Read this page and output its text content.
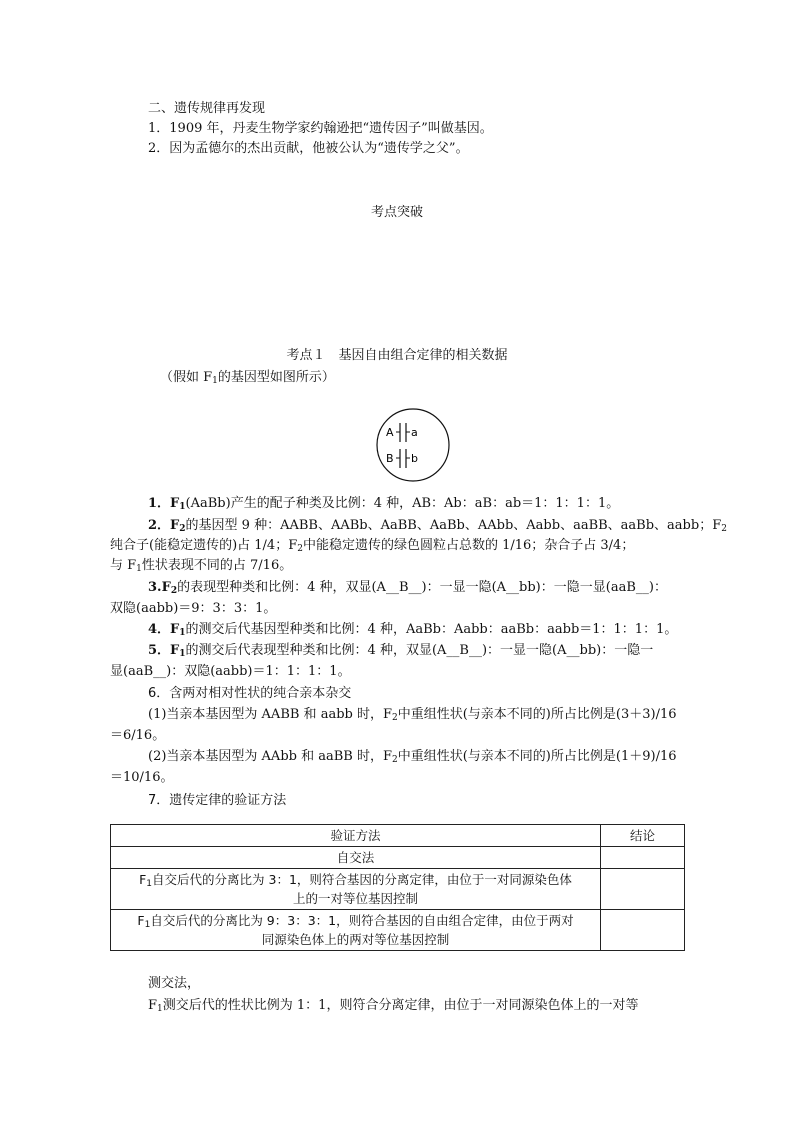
二、遗传规律再发现
1．1909 年，丹麦生物学家约翰逊把“遗传因子”叫做基因。
2．因为孟德尔的杰出贡献，他被公认为“遗传学之父”。
考点突破
考点１　基因自由组合定律的相关数据
（假如 $F_1$的基因型如图所示）
A a
B b
1．$F_1(AaBb)$产生的配子种类及比例：4 种，AB：Ab：aB：ab＝1：1：1：1。
2．$F_2$的基因型 9 种：AABB、AABb、AaBB、AaBb、AAbb、Aabb、aaBB、aaBb、aabb；$F_2$
纯合子(能稳定遗传的)占 1/4；$F_2$中能稳定遗传的绿色圆粒占总数的 1/16；杂合子占 3/4；
与 $F_1$性状表现不同的占 7/16。
$3.F_2$的表现型种类和比例：4 种，双显(A__B__)：一显一隐(A__bb)：一隐一显(aaB__)：
双隐(aabb)＝9：3：3：1。
4．$F_1$的测交后代基因型种类和比例：4 种，AaBb：Aabb：aaBb：aabb＝1：1：1：1。
5．$F_1$的测交后代表现型种类和比例：4 种，双显(A__B__)：一显一隐(A__bb)：一隐一
显(aaB__)：双隐(aabb)＝1：1：1：1。
6．含两对相对性状的纯合亲本杂交
(1)当亲本基因型为 AABB 和 aabb 时，$F_2$中重组性状(与亲本不同的)所占比例是(3＋3)/16
＝6/16。
(2)当亲本基因型为 AAbb 和 aaBB 时，$F_2$中重组性状(与亲本不同的)所占比例是(1＋9)/16
＝10/16。
7．遗传定律的验证方法
验证方法	结论
自交法	
$F_1$自交后代的分离比为 3：1，则符合基因的分离定律，由位于一对同源染色体
上的一对等位基因控制	
$F_1$自交后代的分离比为 9：3：3：1，则符合基因的自由组合定律，由位于两对
同源染色体上的两对等位基因控制	
测交法，
$F_1$测交后代的性状比例为 1：1，则符合分离定律，由位于一对同源染色体上的一对等
